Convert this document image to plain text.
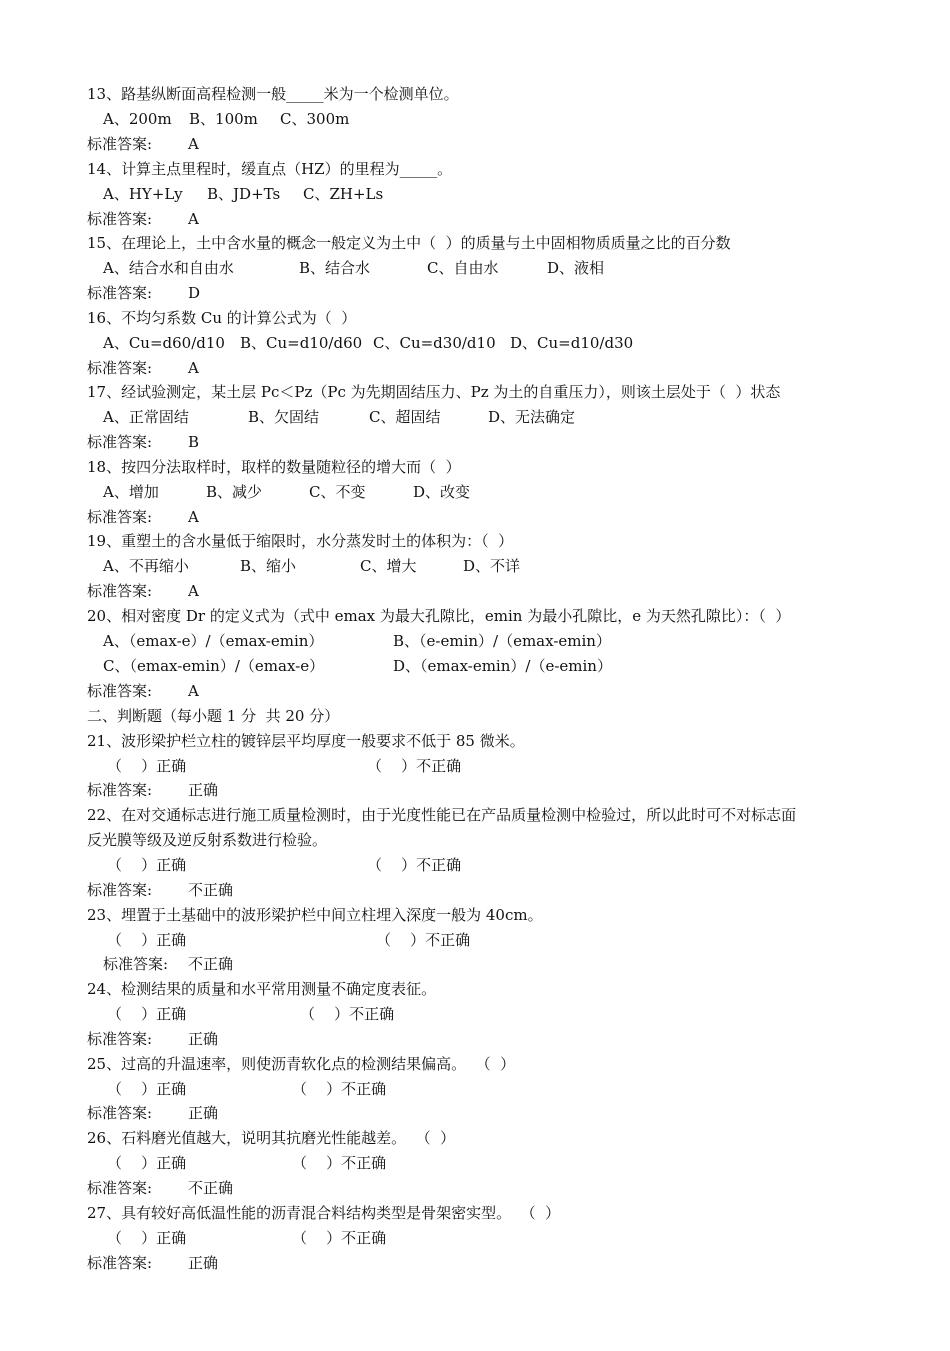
13、路基纵断面高程检测一般_____米为一个检测单位。

A、200m

B、100m

C、300m

标准答案:

A

14、计算主点里程时，缓直点（HZ）的里程为_____。

A、HY+Ly

B、JD+Ts

C、ZH+Ls

标准答案:

A

15、在理论上，土中含水量的概念一般定义为土中（  ）的质量与土中固相物质质量之比的百分数

A、结合水和自由水

	B、结合水

	C、自由水

	D、液相

标准答案:

D

16、不均匀系数 Cu 的计算公式为（  ）

A、Cu=d60/d10

B、Cu=d10/d60

C、Cu=d30/d10

D、Cu=d10/d30

标准答案:

A

17、经试验测定，某土层 Pc＜Pz（Pc 为先期固结压力、Pz 为土的自重压力），则该土层处于（  ）状态

A、正常固结

	B、欠固结

	C、超固结

	D、无法确定

标准答案:

B

18、按四分法取样时，取样的数量随粒径的增大而（  ）

A、增加

	B、减少

	C、不变

	D、改变

标准答案:

A

19、重塑土的含水量低于缩限时，水分蒸发时土的体积为：（  ）

A、不再缩小

	B、缩小

	C、增大

	D、不详

标准答案:

A

20、相对密度 Dr 的定义式为（式中 emax 为最大孔隙比，emin 为最小孔隙比，e 为天然孔隙比）：（  ）

A、（emax-e）/（emax-emin）

	B、（e-emin）/（emax-emin）

C、（emax-emin）/（emax-e）

	D、（emax-emin）/（e-emin）

标准答案:

A

二、判断题（每小题 1 分  共 20 分）
21、波形梁护栏立柱的镀锌层平均厚度一般要求不低于 85 微米。

（    ）正确

	（    ）不正确

标准答案:

正确

22、在对交通标志进行施工质量检测时，由于光度性能已在产品质量检测中检验过，所以此时可不对标志面
反光膜等级及逆反射系数进行检验。

（    ）正确

	（    ）不正确

标准答案:

不正确

23、埋置于土基础中的波形梁护栏中间立柱埋入深度一般为 40cm。

（    ）正确

	（    ）不正确

标准答案:

不正确

24、检测结果的质量和水平常用测量不确定度表征。

（    ）正确

	（    ）不正确

标准答案:

正确

25、过高的升温速率，则使沥青软化点的检测结果偏高。  （  ）

（    ）正确

	（    ）不正确

标准答案:

正确

26、石料磨光值越大，说明其抗磨光性能越差。  （  ）

（    ）正确

	（    ）不正确

标准答案:

不正确

27、具有较好高低温性能的沥青混合料结构类型是骨架密实型。  （  ）

（    ）正确

	（    ）不正确

标准答案:

正确
